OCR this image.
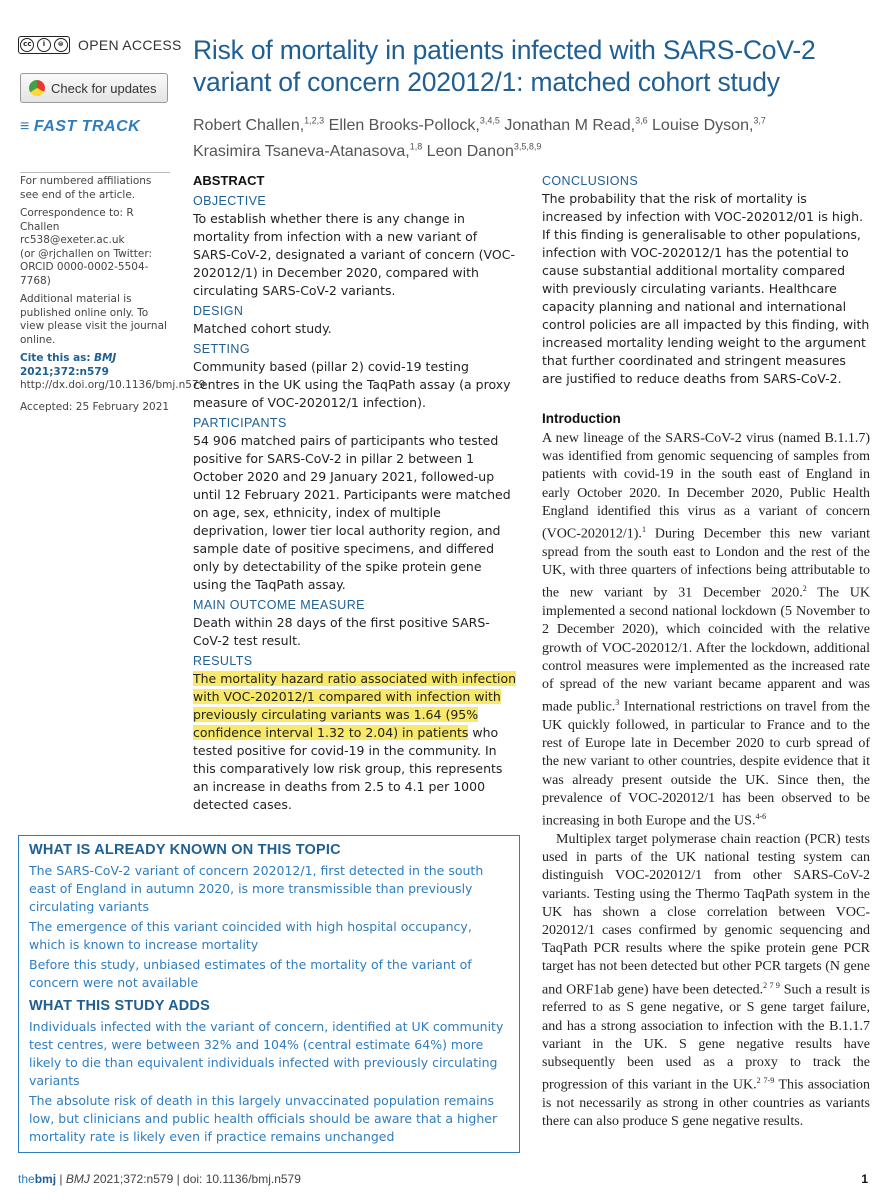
cc	i	⊜ OPEN ACCESS
Check for updates
≡ FAST TRACK
Risk of mortality in patients infected with SARS-CoV-2 variant of concern 202012/1: matched cohort study
Robert Challen,$^{1,2,3}$ Ellen Brooks-Pollock,$^{3,4,5}$ Jonathan M Read,$^{3,6}$ Louise Dyson,$^{3,7}$
Krasimira Tsaneva-Atanasova,$^{1,8}$ Leon Danon$^{3,5,8,9}$

For numbered affiliations see end of the article.

Correspondence to: R Challen
rc538@exeter.ac.uk
(or @rjchallen on Twitter:
ORCID 0000-0002-5504-7768)

Additional material is published online only. To view please visit the journal online.

Cite this as: BMJ 2021;372:n579
http://dx.doi.org/10.1136/bmj.n579

Accepted: 25 February 2021

ABSTRACT

OBJECTIVE

To establish whether there is any change in mortality from infection with a new variant of SARS-CoV-2, designated a variant of concern (VOC-202012/1) in December 2020, compared with circulating SARS-CoV-2 variants.

DESIGN

Matched cohort study.

SETTING

Community based (pillar 2) covid-19 testing centres in the UK using the TaqPath assay (a proxy measure of VOC-202012/1 infection).

PARTICIPANTS

54 906 matched pairs of participants who tested positive for SARS-CoV-2 in pillar 2 between 1 October 2020 and 29 January 2021, followed-up until 12 February 2021. Participants were matched on age, sex, ethnicity, index of multiple deprivation, lower tier local authority region, and sample date of positive specimens, and differed only by detectability of the spike protein gene using the TaqPath assay.

MAIN OUTCOME MEASURE

Death within 28 days of the first positive SARS-CoV-2 test result.

RESULTS

The mortality hazard ratio associated with infection with VOC-202012/1 compared with infection with previously circulating variants was 1.64 (95% confidence interval 1.32 to 2.04) in patients who tested positive for covid-19 in the community. In this comparatively low risk group, this represents an increase in deaths from 2.5 to 4.1 per 1000 detected cases.

CONCLUSIONS

The probability that the risk of mortality is increased by infection with VOC-202012/01 is high. If this finding is generalisable to other populations, infection with VOC-202012/1 has the potential to cause substantial additional mortality compared with previously circulating variants. Healthcare capacity planning and national and international control policies are all impacted by this finding, with increased mortality lending weight to the argument that further coordinated and stringent measures are justified to reduce deaths from SARS-CoV-2.

Introduction

A new lineage of the SARS-CoV-2 virus (named B.1.1.7) was identified from genomic sequencing of samples from patients with covid-19 in the south east of England in early October 2020. In December 2020, Public Health England identified this virus as a variant of concern (VOC-202012/1).$^1$ During December this new variant spread from the south east to London and the rest of the UK, with three quarters of infections being attributable to the new variant by 31 December 2020.$^2$ The UK implemented a second national lockdown (5 November to 2 December 2020), which coincided with the relative growth of VOC-202012/1. After the lockdown, additional control measures were implemented as the increased rate of spread of the new variant became apparent and was made public.$^3$ International restrictions on travel from the UK quickly followed, in particular to France and to the rest of Europe late in December 2020 to curb spread of the new variant to other countries, despite evidence that it was already present outside the UK. Since then, the prevalence of VOC-202012/1 has been observed to be increasing in both Europe and the US.$^{4-6}$

Multiplex target polymerase chain reaction (PCR) tests used in parts of the UK national testing system can distinguish VOC-202012/1 from other SARS-CoV-2 variants. Testing using the Thermo TaqPath system in the UK has shown a close correlation between VOC-202012/1 cases confirmed by genomic sequencing and TaqPath PCR results where the spike protein gene PCR target has not been detected but other PCR targets (N gene and ORF1ab gene) have been detected.$^{2 7 9}$ Such a result is referred to as S gene negative, or S gene target failure, and has a strong association to infection with the B.1.1.7 variant in the UK. S gene negative results have subsequently been used as a proxy to track the progression of this variant in the UK.$^{2 7-9}$ This association is not necessarily as strong in other countries as variants there can also produce S gene negative results.

WHAT IS ALREADY KNOWN ON THIS TOPIC

The SARS-CoV-2 variant of concern 202012/1, first detected in the south east of England in autumn 2020, is more transmissible than previously circulating variants

The emergence of this variant coincided with high hospital occupancy, which is known to increase mortality

Before this study, unbiased estimates of the mortality of the variant of concern were not available

WHAT THIS STUDY ADDS

Individuals infected with the variant of concern, identified at UK community test centres, were between 32% and 104% (central estimate 64%) more likely to die than equivalent individuals infected with previously circulating variants

The absolute risk of death in this largely unvaccinated population remains low, but clinicians and public health officials should be aware that a higher mortality rate is likely even if practice remains unchanged

thebmj | BMJ 2021;372:n579 | doi: 10.1136/bmj.n579	1
